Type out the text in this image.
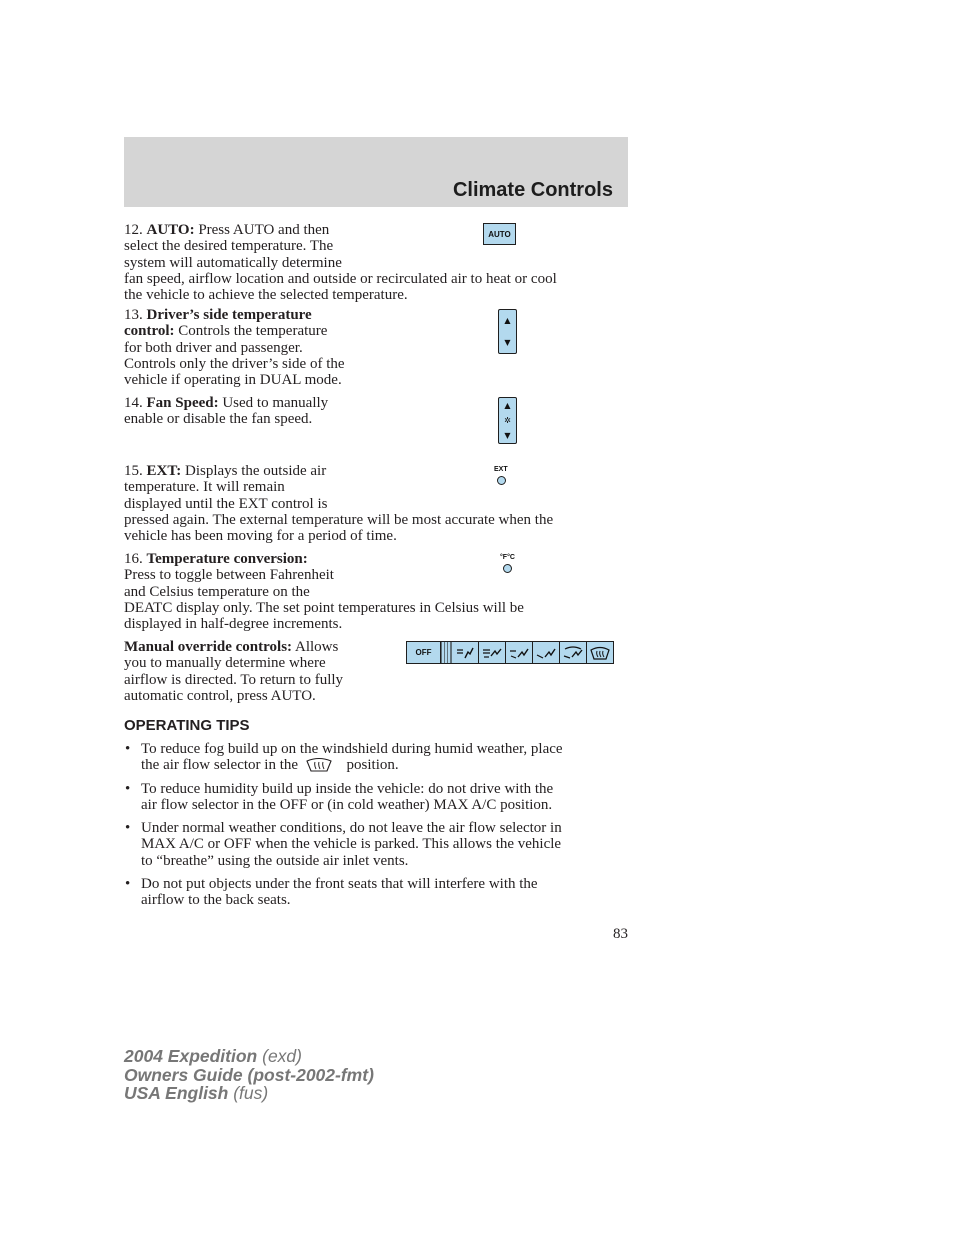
Climate Controls

12. AUTO: Press AUTO and then
select the desired temperature. The
system will automatically determine
fan speed, airflow location and outside or recirculated air to heat or cool
the vehicle to achieve the selected temperature.

AUTO

13. Driver’s side temperature
control: Controls the temperature
for both driver and passenger.
Controls only the driver’s side of the
vehicle if operating in DUAL mode.

▲
▼

14. Fan Speed: Used to manually
enable or disable the fan speed.

▲
✲
▼

15. EXT: Displays the outside air
temperature. It will remain
displayed until the EXT control is
pressed again. The external temperature will be most accurate when the
vehicle has been moving for a period of time.

EXT

16. Temperature conversion:
Press to toggle between Fahrenheit
and Celsius temperature on the
DEATC display only. The set point temperatures in Celsius will be
displayed in half-degree increments.

°F°C

Manual override controls: Allows
you to manually determine where
airflow is directed. To return to fully
automatic control, press AUTO.

OFF
OPERATING TIPS
• To reduce fog build up on the windshield during humid weather, place
the air flow selector in the	position.
• To reduce humidity build up inside the vehicle: do not drive with the
air flow selector in the OFF or (in cold weather) MAX A/C position.
• Under normal weather conditions, do not leave the air flow selector in
MAX A/C or OFF when the vehicle is parked. This allows the vehicle
to “breathe” using the outside air inlet vents.
• Do not put objects under the front seats that will interfere with the
airflow to the back seats.

83

2004 Expedition (exd)
Owners Guide (post-2002-fmt)
USA English (fus)
